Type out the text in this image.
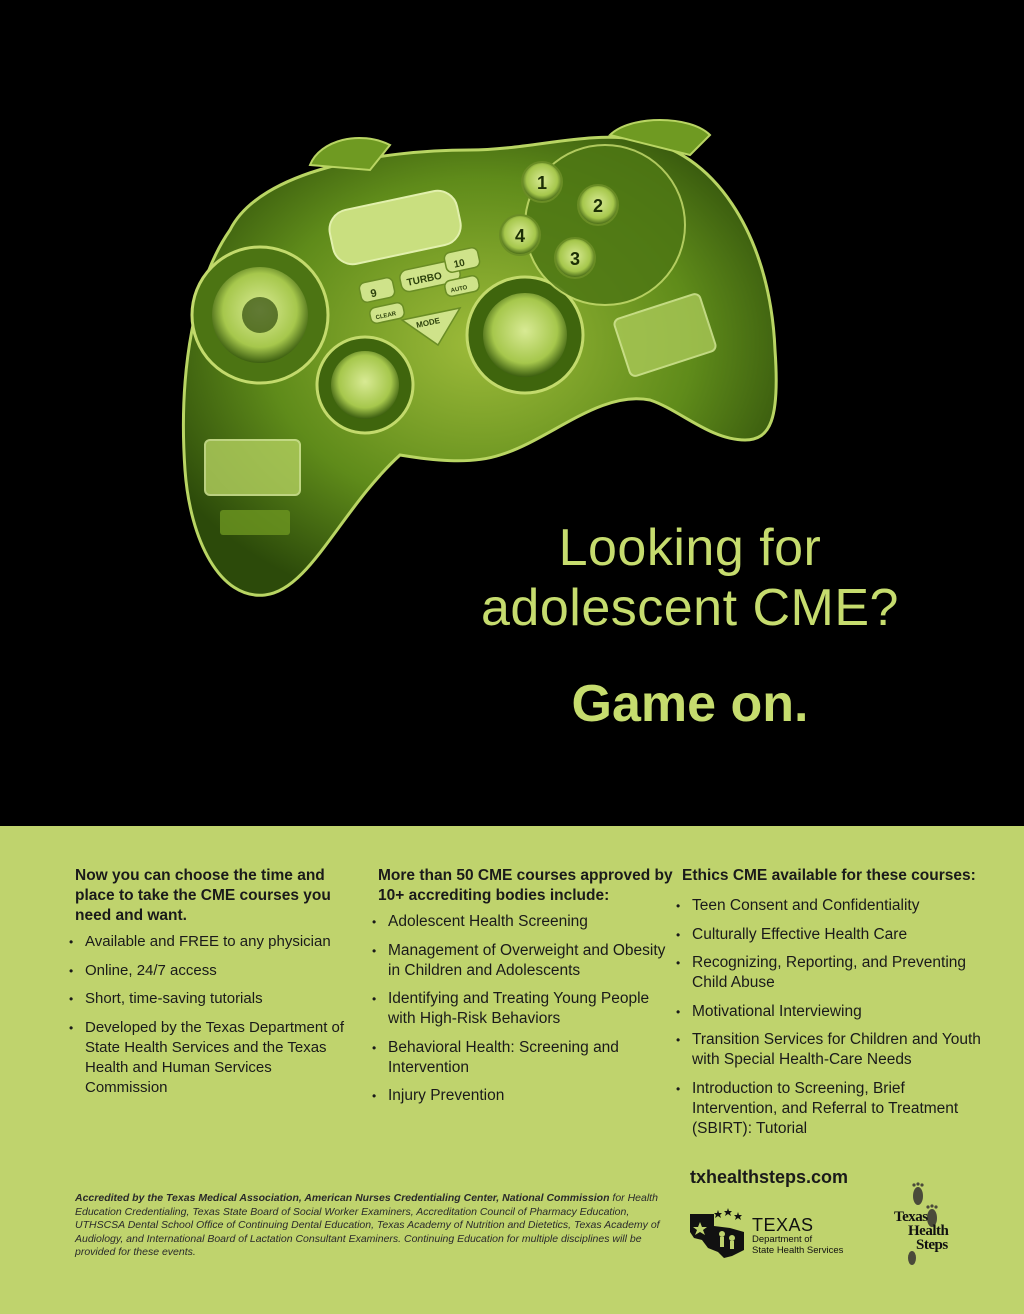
9
TURBO
10
CLEAR
AUTO
MODE
1
2
3
4
Looking for
adolescent CME?
Game on.

Now you can choose the time and place to take the CME courses you need and want.

• Available and FREE to any physician
• Online, 24/7 access
• Short, time-saving tutorials
• Developed by the Texas Department of State Health Services and the Texas Health and Human Services Commission

More than 50 CME courses approved by 10+ accrediting bodies include:

• Adolescent Health Screening
• Management of Overweight and Obesity in Children and Adolescents
• Identifying and Treating Young People with High-Risk Behaviors
• Behavioral Health: Screening and Intervention
• Injury Prevention

Ethics CME available for these courses:

• Teen Consent and Confidentiality
• Culturally Effective Health Care
• Recognizing, Reporting, and Preventing Child Abuse
• Motivational Interviewing
• Transition Services for Children and Youth with Special Health-Care Needs
• Introduction to Screening, Brief Intervention, and Referral to Treatment (SBIRT): Tutorial
txhealthsteps.com
Accredited by the Texas Medical Association, American Nurses Credentialing Center, National Commission for Health Education Credentialing, Texas State Board of Social Worker Examiners, Accreditation Council of Pharmacy Education, UTHSCSA Dental School Office of Continuing Dental Education, Texas Academy of Nutrition and Dietetics, Texas Academy of Audiology, and International Board of Lactation Consultant Examiners. Continuing Education for multiple disciplines will be provided for these events.
TEXAS
Department of
State Health Services
Texas
Health
Steps
